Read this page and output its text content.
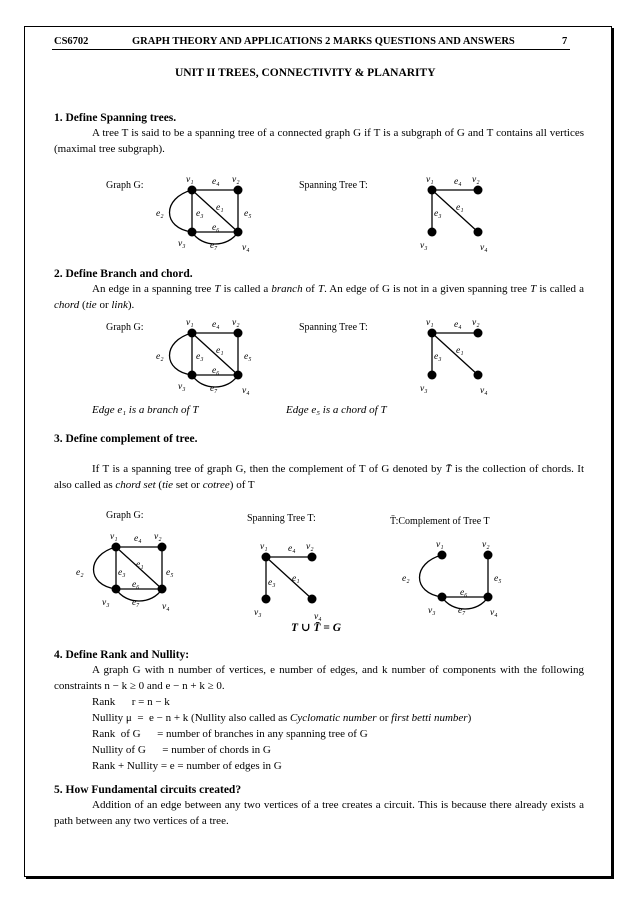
CS6702	GRAPH THEORY AND APPLICATIONS 2 MARKS QUESTIONS AND ANSWERS	7
UNIT II TREES, CONNECTIVITY & PLANARITY
1. Define Spanning trees.
A tree T is said to be a spanning tree of a connected graph G if T is a subgraph of G and T contains all vertices (maximal tree subgraph).
Graph G:	Spanning Tree T:
v₁	v₂
v₃	v₄
e₄
e₁
e₃	e₅
e₂
e₆
e₇
v₁	v₂
v₃	v₄
e₄
e₁
e₃
2. Define Branch and chord.
An edge in a spanning tree T is called a branch of T. An edge of G is not in a given spanning tree T is called a chord (tie or link).
Graph G:	Spanning Tree T:
v₁	v₂
v₃	v₄
e₄
e₁
e₃	e₅
e₂
e₆
e₇
v₁	v₂
v₃	v₄
e₄
e₁
e₃
Edge e₁ is a branch of T	Edge e₅ is a chord of T
3. Define complement of tree.
If T is a spanning tree of graph G, then the complement of T of G denoted by T̄ is the collection of chords. It also called as chord set (tie set or cotree) of T
Graph G:	Spanning Tree T:	T̄:Complement of Tree T
v₁	v₂
v₃	v₄
e₄
e₁
e₃	e₅
e₂
e₆
e₇
v₁	v₂
v₃	v₄
e₄
e₁
e₃
v₁	v₂
v₃	v₄
e₂	e₅
e₆
e₇
T ∪ T̄ = G
4. Define Rank and Nullity:
A graph G with n number of vertices, e number of edges, and k number of components with the following constraints n − k ≥ 0 and e − n + k ≥ 0.
Rank      r = n − k
Nullity μ  =  e − n + k (Nullity also called as Cyclomatic number or first betti number)
Rank  of G      = number of branches in any spanning tree of G
Nullity of G      = number of chords in G
Rank + Nullity = e = number of edges in G
5. How Fundamental circuits created?
Addition of an edge between any two vertices of a tree creates a circuit. This is because there already exists a path between any two vertices of a tree.
